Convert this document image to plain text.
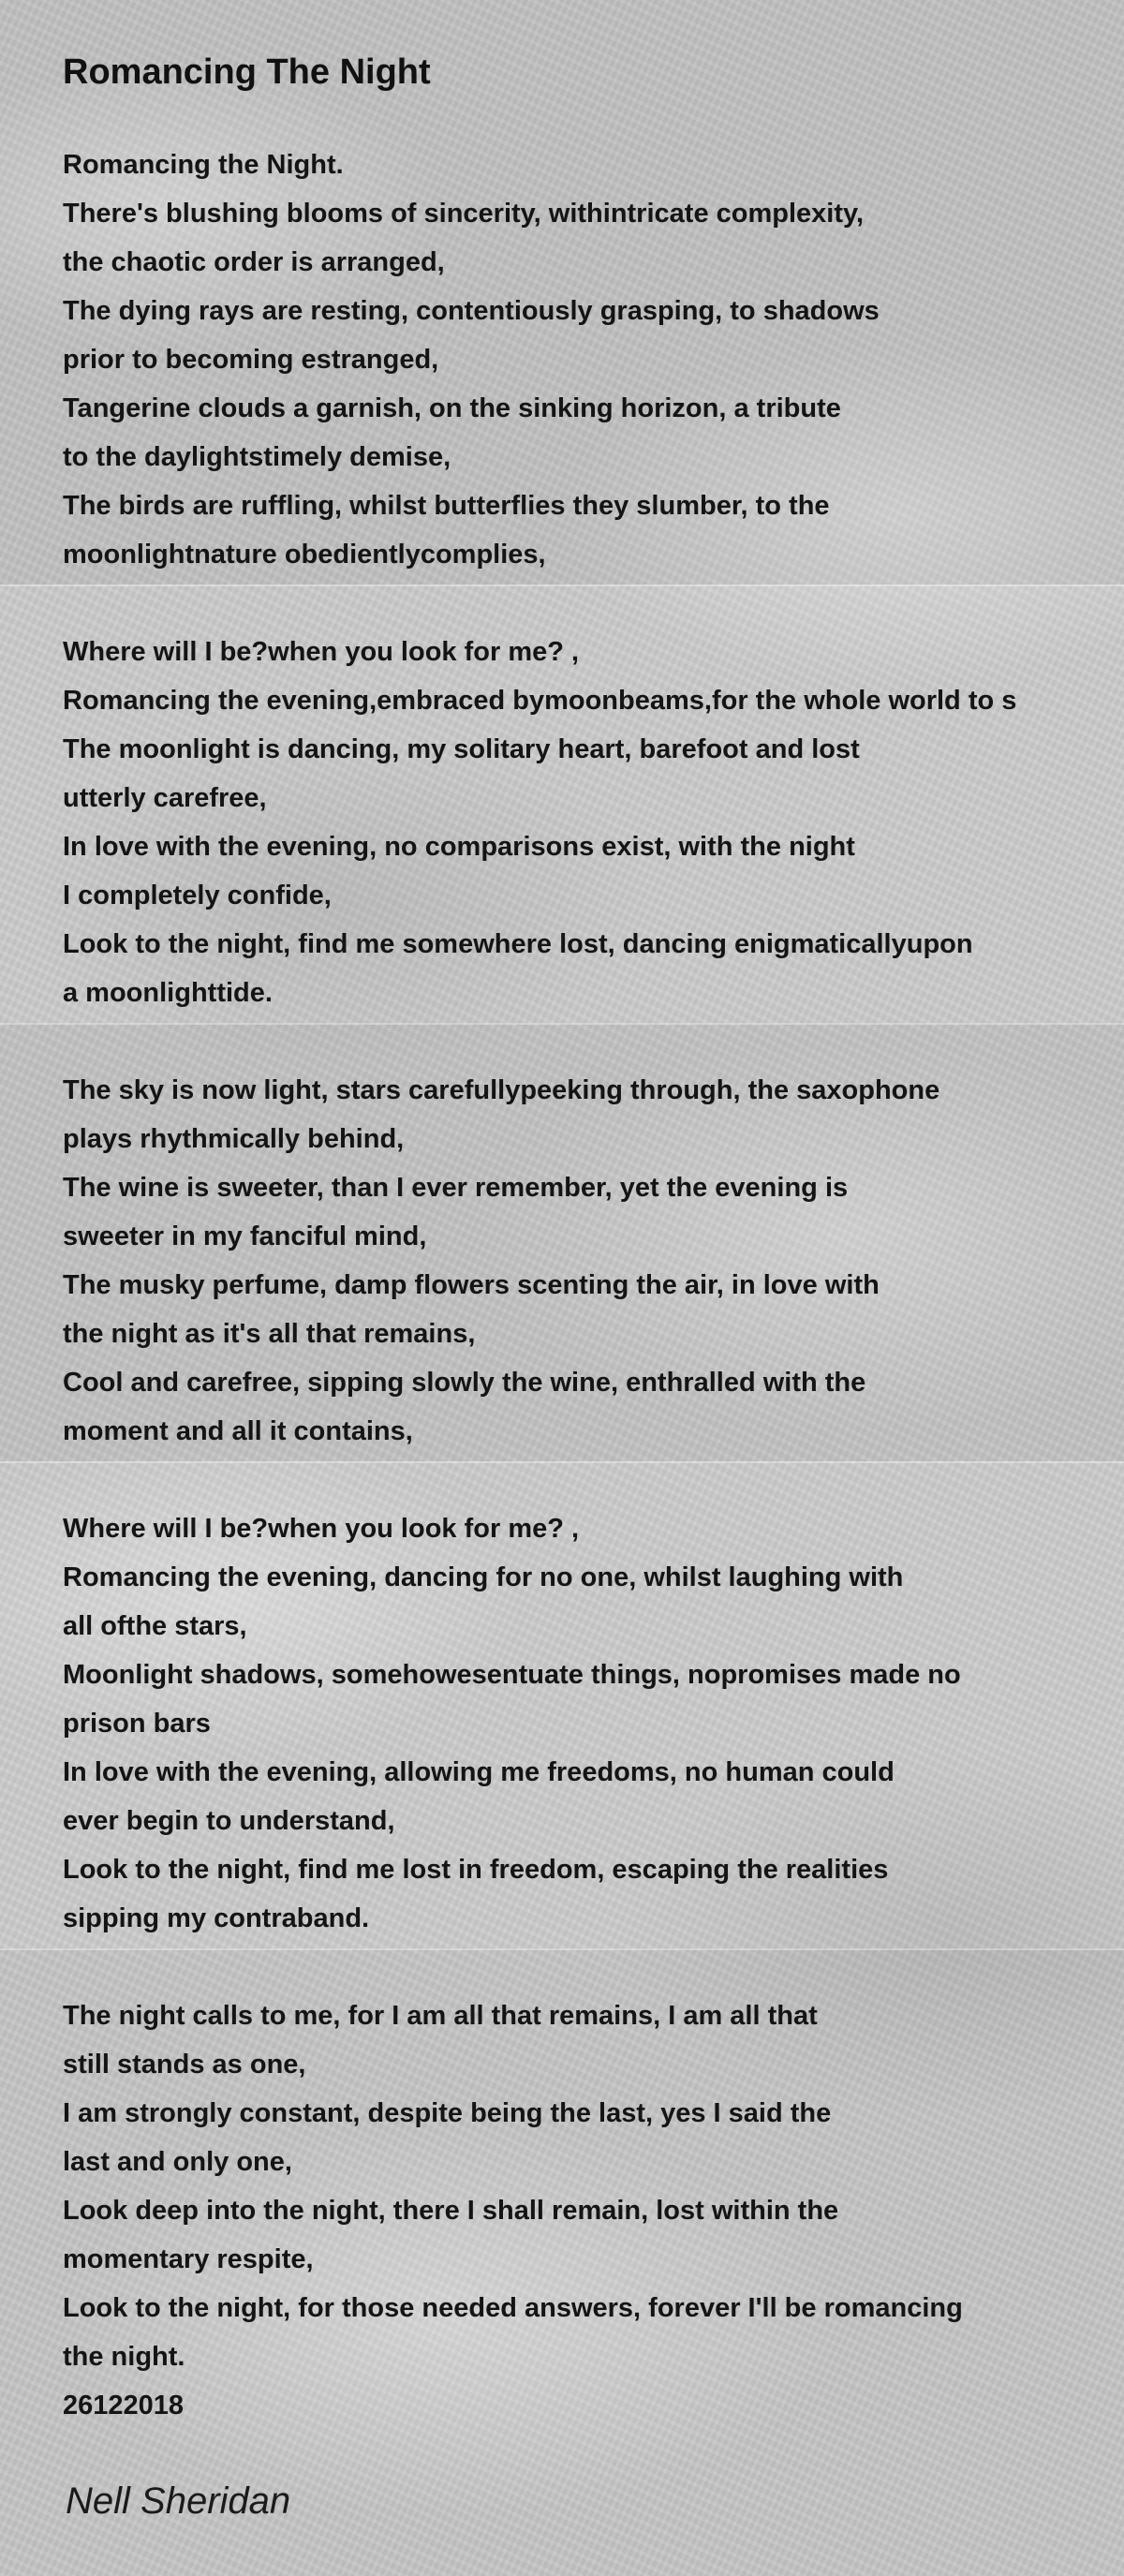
Romancing The Night
Romancing the Night.
There's blushing blooms of sincerity, withintricate complexity,
the chaotic order is arranged,
The dying rays are resting, contentiously grasping, to shadows
prior to becoming estranged,
Tangerine clouds a garnish, on the sinking horizon, a tribute
to the daylightstimely demise,
The birds are ruffling, whilst butterflies they slumber, to the
moonlightnature obedientlycomplies,
Where will I be?when you look for me? ,
Romancing the evening,embraced bymoonbeams,for the whole world to s
The moonlight is dancing, my solitary heart, barefoot and lost
utterly carefree,
In love with the evening, no comparisons exist, with the night
I completely confide,
Look to the night, find me somewhere lost, dancing enigmaticallyupon
a moonlighttide.
The sky is now light, stars carefullypeeking through, the saxophone
plays rhythmically behind,
The wine is sweeter, than I ever remember, yet the evening is
sweeter in my fanciful mind,
The musky perfume, damp flowers scenting the air, in love with
the night as it's all that remains,
Cool and carefree, sipping slowly the wine, enthralled with the
moment and all it contains,
Where will I be?when you look for me? ,
Romancing the evening, dancing for no one, whilst laughing with
all ofthe stars,
Moonlight shadows, somehowesentuate things, nopromises made no
prison bars
In love with the evening, allowing me freedoms, no human could
ever begin to understand,
Look to the night, find me lost in freedom, escaping the realities
sipping my contraband.
The night calls to me, for I am all that remains, I am all that
still stands as one,
I am strongly constant, despite being the last, yes I said the
last and only one,
Look deep into the night, there I shall remain, lost within the
momentary respite,
Look to the night, for those needed answers, forever I'll be romancing
the night.
26122018

Nell Sheridan
